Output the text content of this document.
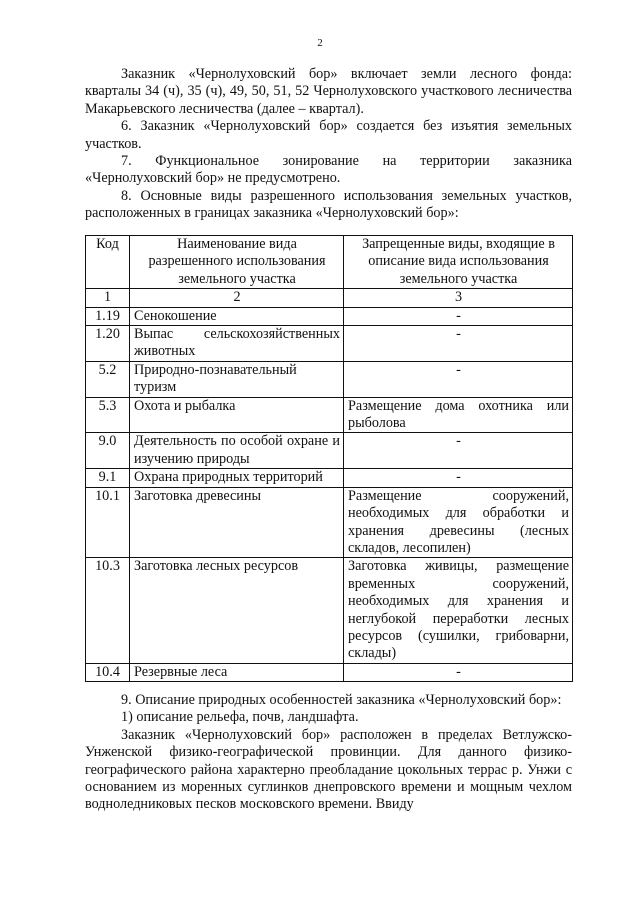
2

Заказник «Чернолуховский бор» включает земли лесного фонда: кварталы 34 (ч), 35 (ч), 49, 50, 51, 52 Чернолуховского участкового лесничества Макарьевского лесничества (далее – квартал).

6. Заказник «Чернолуховский бор» создается без изъятия земельных участков.

7. Функциональное зонирование на территории заказника «Чернолуховский бор» не предусмотрено.

8. Основные виды разрешенного использования земельных участков, расположенных в границах заказника «Чернолуховский бор»:

Код	Наименование вида разрешенного использования земельного участка	Запрещенные виды, входящие в описание вида использования земельного участка
1	2	3
1.19	Сенокошение	-
1.20	Выпас сельскохозяйственных животных	-
5.2	Природно-познавательный туризм	-
5.3	Охота и рыбалка	Размещение дома охотника или рыболова
9.0	Деятельность по особой охране и изучению природы	-
9.1	Охрана природных территорий	-
10.1	Заготовка древесины	Размещение сооружений, необходимых для обработки и хранения древесины (лесных складов, лесопилен)
10.3	Заготовка лесных ресурсов	Заготовка живицы, размещение временных сооружений, необходимых для хранения и неглубокой переработки лесных ресурсов (сушилки, грибоварни, склады)
10.4	Резервные леса	-

9. Описание природных особенностей заказника «Чернолуховский бор»:

1) описание рельефа, почв, ландшафта.

Заказник «Чернолуховский бор» расположен в пределах Ветлужско-Унженской физико-географической провинции. Для данного физико-географического района характерно преобладание цокольных террас р. Унжи с основанием из моренных суглинков днепровского времени и мощным чехлом водноледниковых песков московского времени. Ввиду
